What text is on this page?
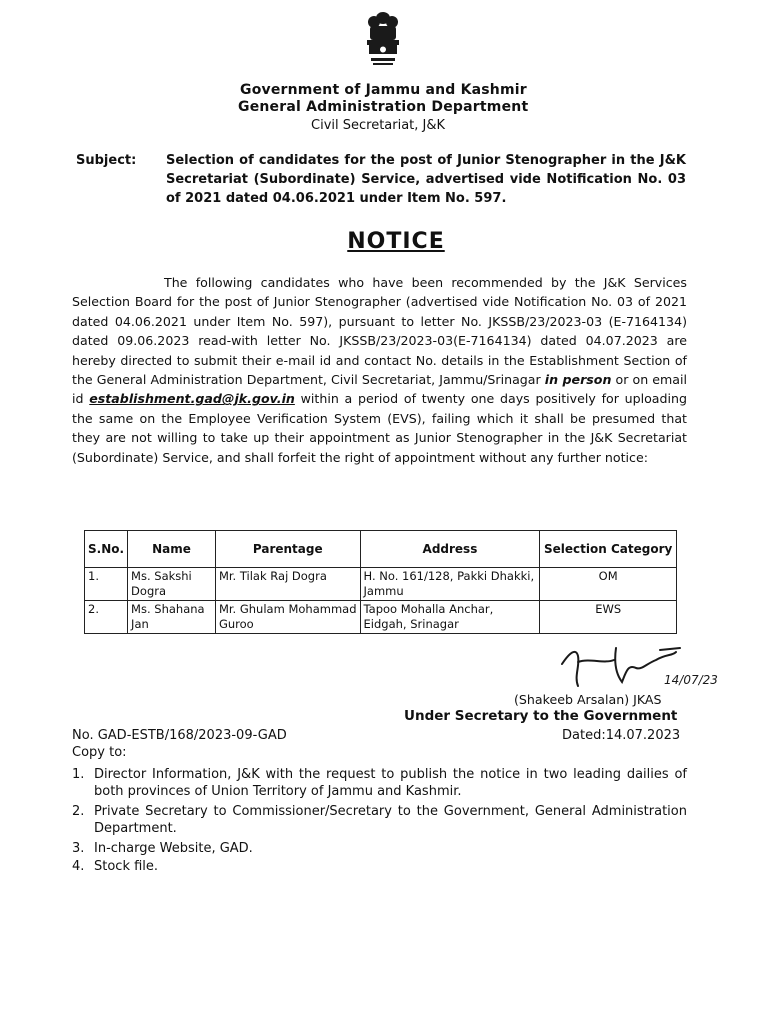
Government of Jammu and Kashmir
General Administration Department
Civil Secretariat, J&K
Subject: Selection of candidates for the post of Junior Stenographer in the J&K Secretariat (Subordinate) Service, advertised vide Notification No. 03 of 2021 dated 04.06.2021 under Item No. 597.
NOTICE
The following candidates who have been recommended by the J&K Services Selection Board for the post of Junior Stenographer (advertised vide Notification No. 03 of 2021 dated 04.06.2021 under Item No. 597), pursuant to letter No. JKSSB/23/2023-03 (E-7164134) dated 09.06.2023 read-with letter No. JKSSB/23/2023-03(E-7164134) dated 04.07.2023 are hereby directed to submit their e-mail id and contact No. details in the Establishment Section of the General Administration Department, Civil Secretariat, Jammu/Srinagar in person or on email id establishment.gad@jk.gov.in within a period of twenty one days positively for uploading the same on the Employee Verification System (EVS), failing which it shall be presumed that they are not willing to take up their appointment as Junior Stenographer in the J&K Secretariat (Subordinate) Service, and shall forfeit the right of appointment without any further notice:
S.No.	Name	Parentage	Address	Selection Category
1.	Ms. Sakshi Dogra	Mr. Tilak Raj Dogra	H. No. 161/128, Pakki Dhakki, Jammu	OM
2.	Ms. Shahana Jan	Mr. Ghulam Mohammad Guroo	Tapoo Mohalla Anchar, Eidgah, Srinagar	EWS
14/07/23
(Shakeeb Arsalan) JKAS
Under Secretary to the Government
Dated:14.07.2023
No. GAD-ESTB/168/2023-09-GAD
Copy to:
1. Director Information, J&K with the request to publish the notice in two leading dailies of both provinces of Union Territory of Jammu and Kashmir.
2. Private Secretary to Commissioner/Secretary to the Government, General Administration Department.
3. In-charge Website, GAD.
4. Stock file.
